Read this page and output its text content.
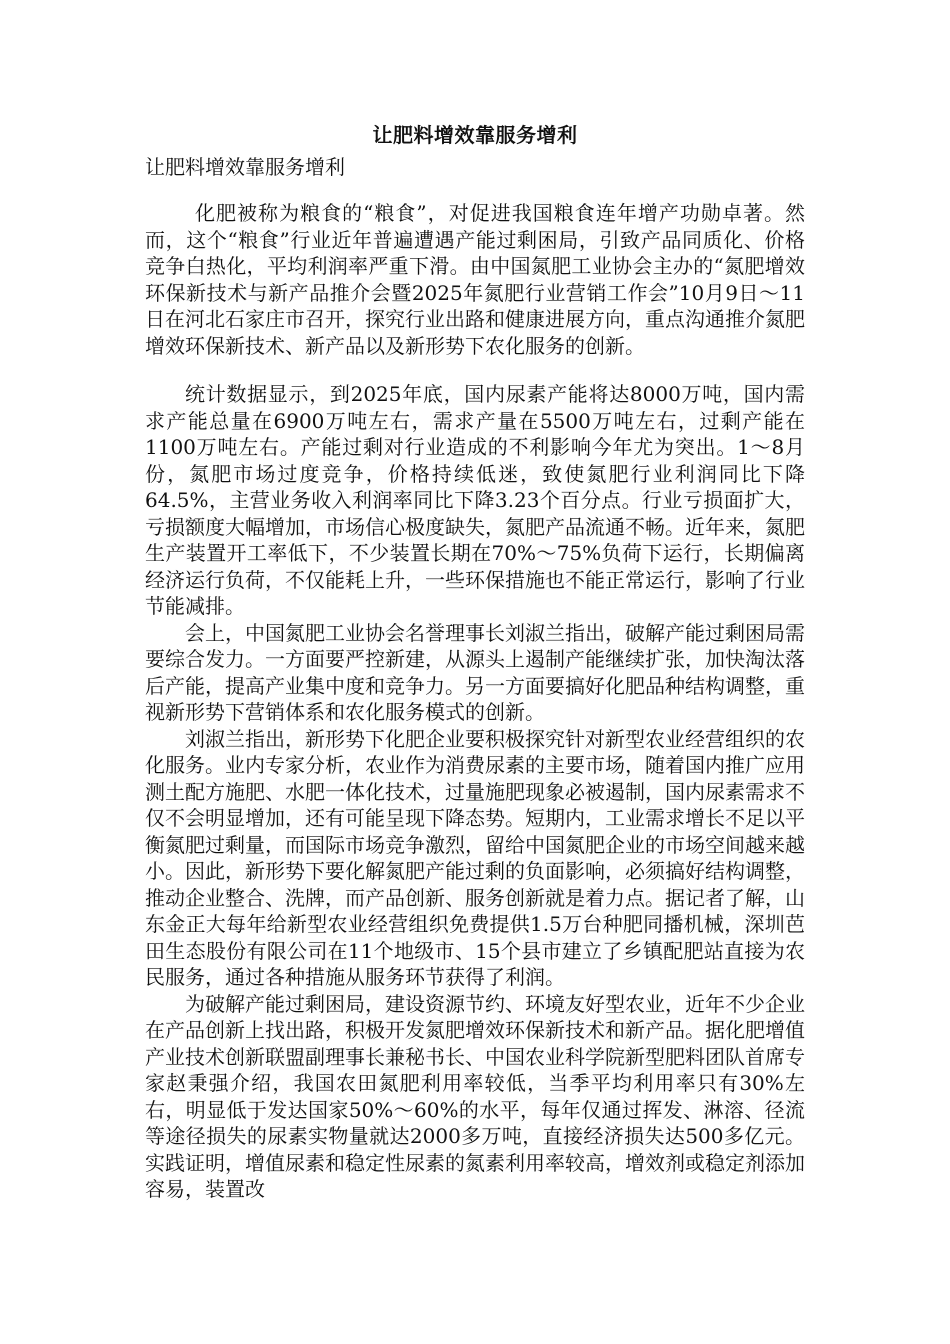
让肥料增效靠服务增利

让肥料增效靠服务增利

化肥被称为粮食的“粮食”，对促进我国粮食连年增产功勋卓著。然而，这个“粮食”行业近年普遍遭遇产能过剩困局，引致产品同质化、价格竞争白热化，平均利润率严重下滑。由中国氮肥工业协会主办的“氮肥增效环保新技术与新产品推介会暨2025年氮肥行业营销工作会”10月9日～11日在河北石家庄市召开，探究行业出路和健康进展方向，重点沟通推介氮肥增效环保新技术、新产品以及新形势下农化服务的创新。

统计数据显示，到2025年底，国内尿素产能将达8000万吨，国内需求产能总量在6900万吨左右，需求产量在5500万吨左右，过剩产能在1100万吨左右。产能过剩对行业造成的不利影响今年尤为突出。1～8月份，氮肥市场过度竞争，价格持续低迷，致使氮肥行业利润同比下降64.5%，主营业务收入利润率同比下降3.23个百分点。行业亏损面扩大，亏损额度大幅增加，市场信心极度缺失，氮肥产品流通不畅。近年来，氮肥生产装置开工率低下，不少装置长期在70%～75%负荷下运行，长期偏离经济运行负荷，不仅能耗上升，一些环保措施也不能正常运行，影响了行业节能减排。

会上，中国氮肥工业协会名誉理事长刘淑兰指出，破解产能过剩困局需要综合发力。一方面要严控新建，从源头上遏制产能继续扩张，加快淘汰落后产能，提高产业集中度和竞争力。另一方面要搞好化肥品种结构调整，重视新形势下营销体系和农化服务模式的创新。

刘淑兰指出，新形势下化肥企业要积极探究针对新型农业经营组织的农化服务。业内专家分析，农业作为消费尿素的主要市场，随着国内推广应用测土配方施肥、水肥一体化技术，过量施肥现象必被遏制，国内尿素需求不仅不会明显增加，还有可能呈现下降态势。短期内，工业需求增长不足以平衡氮肥过剩量，而国际市场竞争激烈，留给中国氮肥企业的市场空间越来越小。因此，新形势下要化解氮肥产能过剩的负面影响，必须搞好结构调整，推动企业整合、洗牌，而产品创新、服务创新就是着力点。据记者了解，山东金正大每年给新型农业经营组织免费提供1.5万台种肥同播机械，深圳芭田生态股份有限公司在11个地级市、15个县市建立了乡镇配肥站直接为农民服务，通过各种措施从服务环节获得了利润。

为破解产能过剩困局，建设资源节约、环境友好型农业，近年不少企业在产品创新上找出路，积极开发氮肥增效环保新技术和新产品。据化肥增值产业技术创新联盟副理事长兼秘书长、中国农业科学院新型肥料团队首席专家赵秉强介绍，我国农田氮肥利用率较低，当季平均利用率只有30%左右，明显低于发达国家50%～60%的水平，每年仅通过挥发、淋溶、径流等途径损失的尿素实物量就达2000多万吨，直接经济损失达500多亿元。实践证明，增值尿素和稳定性尿素的氮素利用率较高，增效剂或稳定剂添加容易，装置改
